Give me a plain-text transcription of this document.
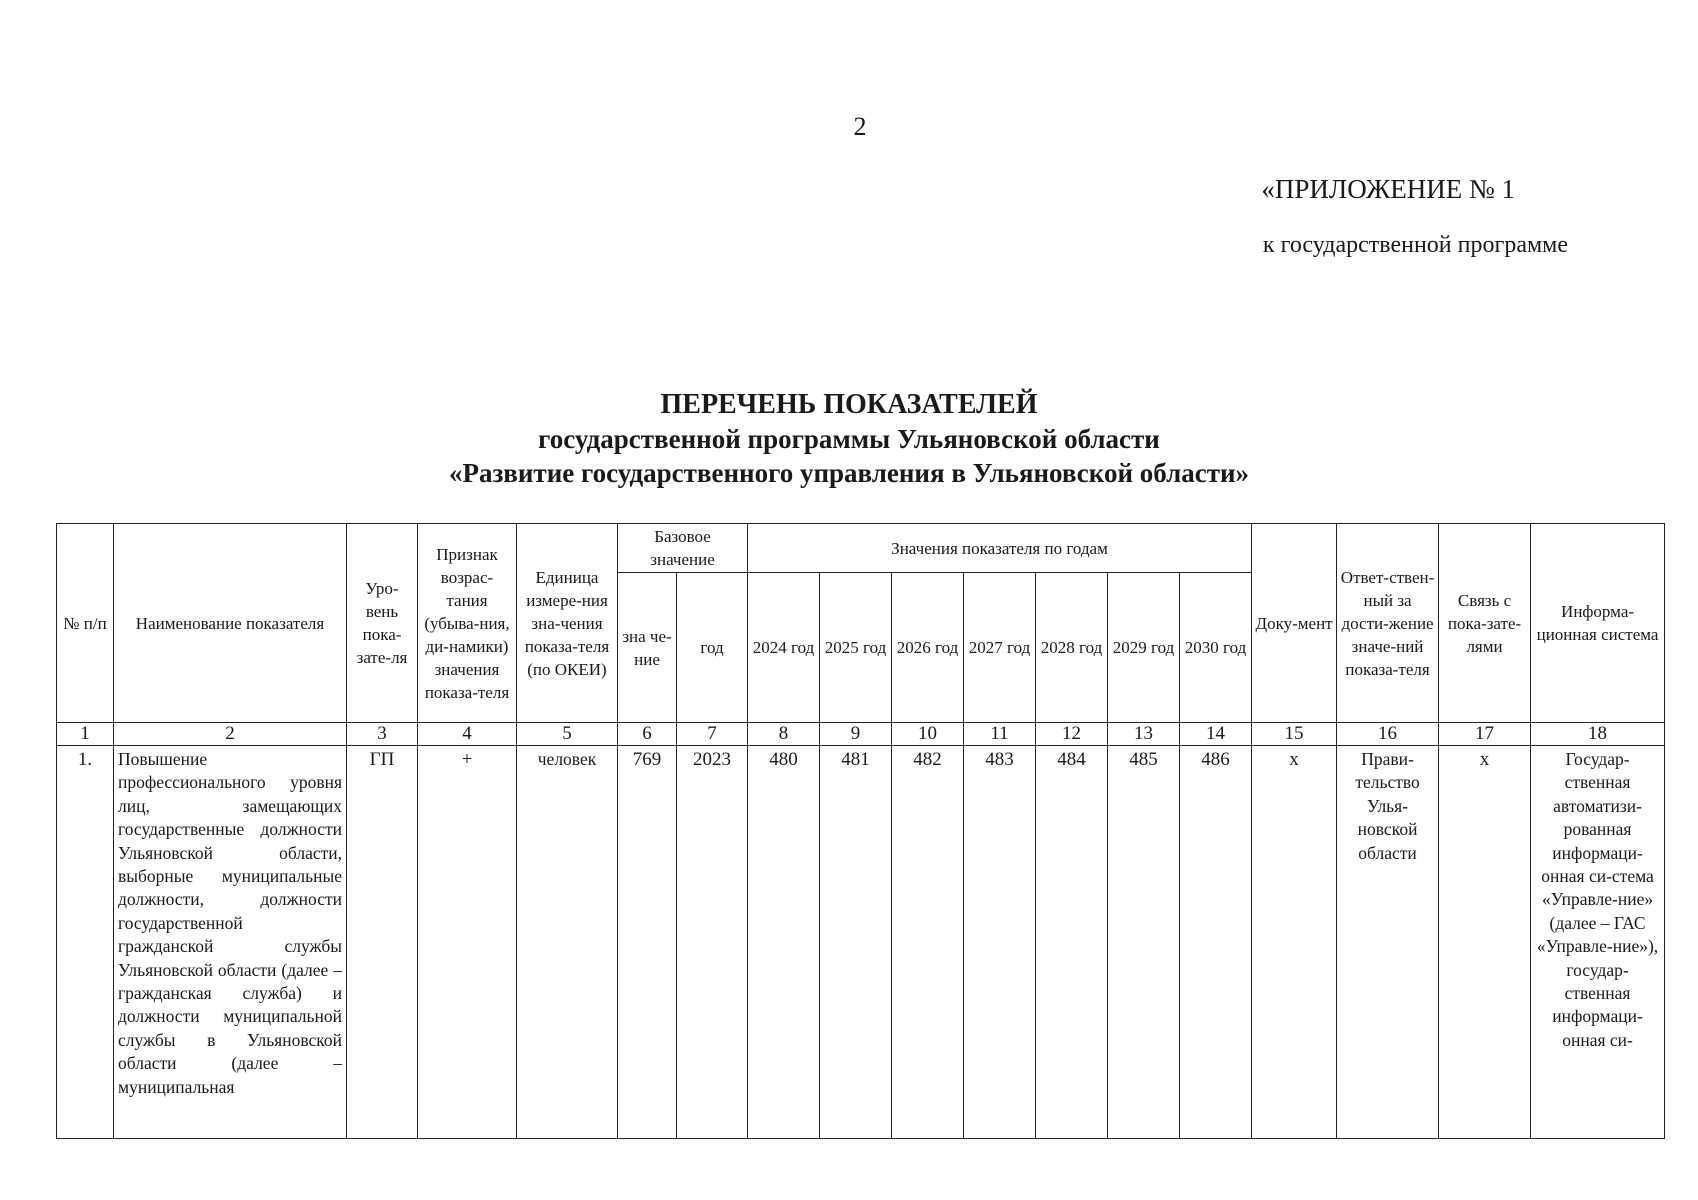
2
«ПРИЛОЖЕНИЕ № 1
к государственной программе
ПЕРЕЧЕНЬ ПОКАЗАТЕЛЕЙ
государственной программы Ульяновской области
«Развитие государственного управления в Ульяновской области»
№ п/п	Наименование показателя	Уро-вень пока-зате-ля	Признак возрас-тания (убыва-ния, ди-намики) значения показа-теля	Единица измере-ния зна-чения показа-теля (по ОКЕИ)	Базовое значение		Значения показателя по годам							Доку-мент	Ответ-ствен-ный за дости-жение значе-ний показа-теля	Связь с пока-зате-лями	Информа-ционная система
					зна че-ние	год	2024 год	2025 год	2026 год	2027 год	2028 год	2029 год	2030 год				
1	2	3	4	5	6	7	8	9	10	11	12	13	14	15	16	17	18
1.	Повышение профессионального уровня лиц, замещающих государственные должности Ульяновской области, выборные муниципальные должности, должности государственной гражданской службы Ульяновской области (далее – гражданская служба) и должности муниципальной службы в Ульяновской области (далее – муниципальная	ГП	+	человек	769	2023	480	481	482	483	484	485	486	х	Прави-тельство Улья-новской области	х	Государ-ственная автоматизи-рованная информаци-онная си-стема «Управле-ние» (далее – ГАС «Управле-ние»), государ-ственная информаци-онная си-
